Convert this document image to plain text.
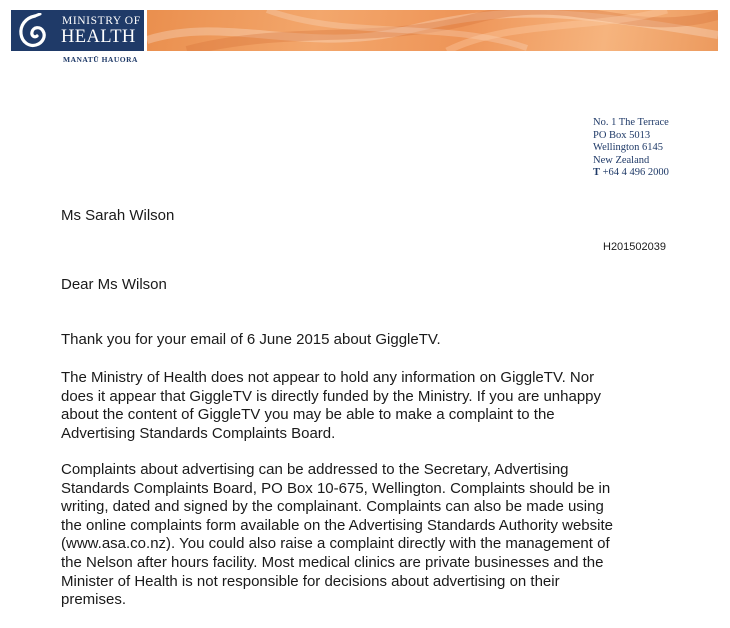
MINISTRY OF
HEALTH
MANATŪ HAUORA
No. 1 The Terrace
PO Box 5013
Wellington 6145
New Zealand
T +64 4 496 2000
Ms Sarah Wilson
H201502039
Dear Ms Wilson
Thank you for your email of 6 June 2015 about GiggleTV.
The Ministry of Health does not appear to hold any information on GiggleTV. Nor
does it appear that GiggleTV is directly funded by the Ministry. If you are unhappy
about the content of GiggleTV you may be able to make a complaint to the
Advertising Standards Complaints Board.
Complaints about advertising can be addressed to the Secretary, Advertising
Standards Complaints Board, PO Box 10-675, Wellington. Complaints should be in
writing, dated and signed by the complainant. Complaints can also be made using
the online complaints form available on the Advertising Standards Authority website
(www.asa.co.nz). You could also raise a complaint directly with the management of
the Nelson after hours facility. Most medical clinics are private businesses and the
Minister of Health is not responsible for decisions about advertising on their
premises.
